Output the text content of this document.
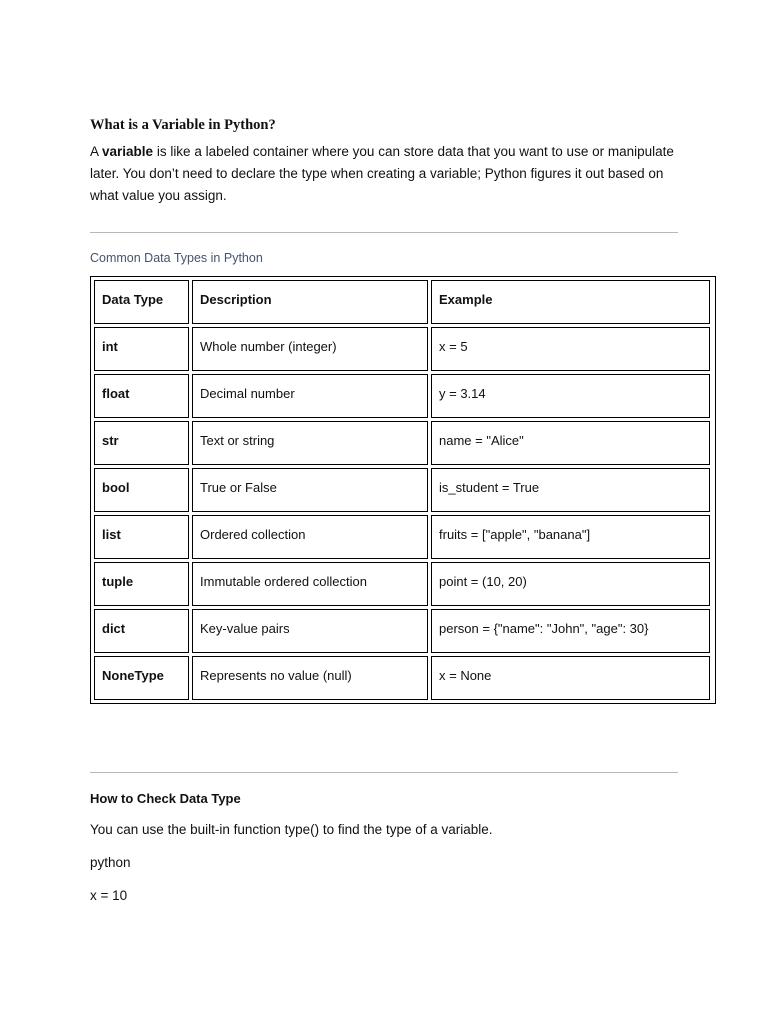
What is a Variable in Python?

A variable is like a labeled container where you can store data that you want to use or manipulate later. You don’t need to declare the type when creating a variable; Python figures it out based on what value you assign.

Common Data Types in Python

Data Type	Description	Example

int	Whole number (integer)	x = 5

float	Decimal number	y = 3.14

str	Text or string	name = "Alice"

bool	True or False	is_student = True

list	Ordered collection	fruits = ["apple", "banana"]

tuple	Immutable ordered collection	point = (10, 20)

dict	Key-value pairs	person = {"name": "John", "age": 30}

NoneType	Represents no value (null)	x = None

How to Check Data Type

You can use the built-in function type() to find the type of a variable.

python

x = 10
